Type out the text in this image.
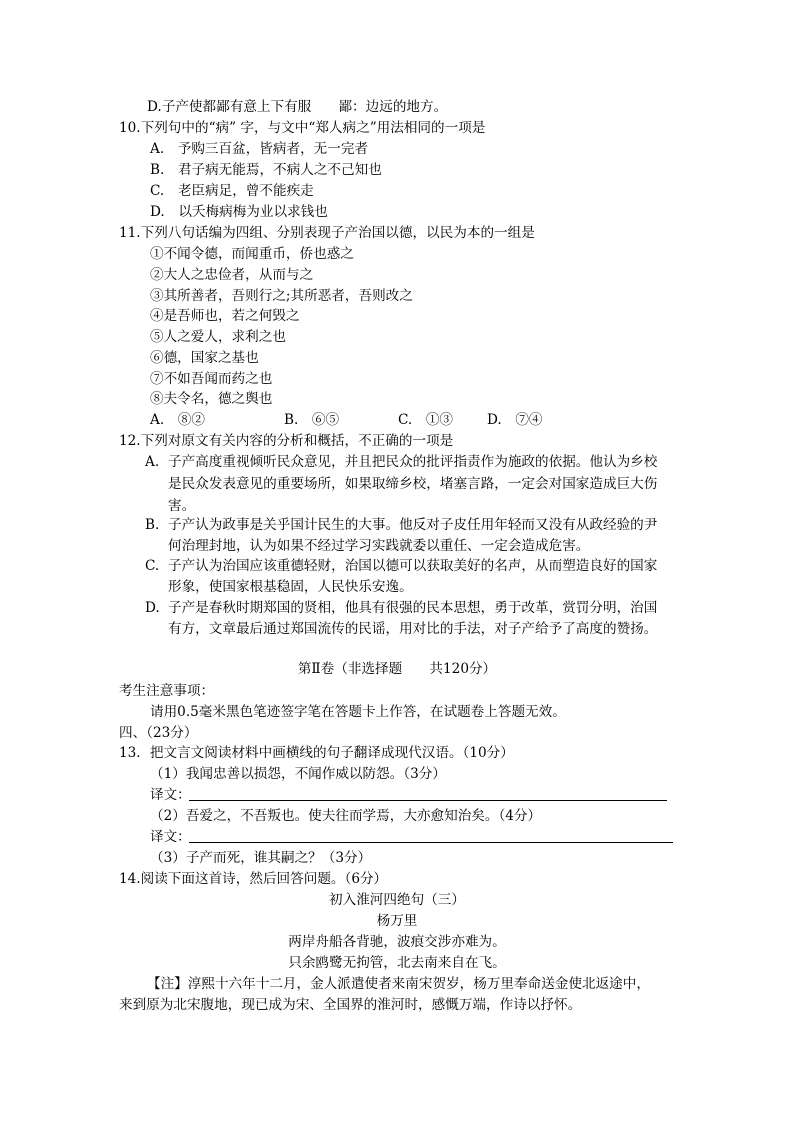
D.子产使都鄙有意上下有服　　鄙：边远的地方。
10.下列句中的“病” 字，与文中“郑人病之”用法相同的一项是
A.　予购三百盆，皆病者，无一完者
B.　君子病无能焉，不病人之不己知也
C.　老臣病足，曾不能疾走
D.　以夭梅病梅为业以求钱也
11.下列八句话编为四组、分别表现子产治国以德，以民为本的一组是
①不闻令德，而闻重币，侨也惑之
②大人之忠俭者，从而与之
③其所善者，吾则行之;其所恶者，吾则改之
④是吾师也，若之何毁之
⑤人之爱人，求利之也
⑥德，国家之基也
⑦不如吾闻而药之也
⑧夫令名，德之舆也
A.　⑧②	B.　⑥⑤	C.　①③ D.　⑦④
12.下列对原文有关内容的分析和概括，不正确的一项是
A. 子产高度重视倾听民众意见，并且把民众的批评指责作为施政的依据。他认为乡校
是民众发表意见的重要场所，如果取缔乡校，堵塞言路，一定会对国家造成巨大伤
害。
B. 子产认为政事是关乎国计民生的大事。他反对子皮任用年轻而又没有从政经验的尹
何治理封地，认为如果不经过学习实践就委以重任、一定会造成危害。
C. 子产认为治国应该重德轻财，治国以德可以获取美好的名声，从而塑造良好的国家
形象，使国家根基稳固，人民快乐安逸。
D. 子产是春秋时期郑国的贤相，他具有很强的民本思想，勇于改革，赏罚分明，治国
有方，文章最后通过郑国流传的民谣，用对比的手法，对子产给予了高度的赞扬。
第Ⅱ卷（非选择题　　共120分）
考生注意事项：
请用0.5毫米黑色笔迹签字笔在答题卡上作答，在试题卷上答题无效。
四、（23分）
13．把文言文阅读材料中画横线的句子翻译成现代汉语。（10分）
（1）我闻忠善以损怨，不闻作威以防怨。（3分）
译文：
（2）吾爱之，不吾叛也。使夫往而学焉，大亦愈知治矣。（4分）
译文：
（3）子产而死，谁其嗣之？（3分）
14.阅读下面这首诗，然后回答问题。（6分）
初入淮河四绝句（三）
杨万里
两岸舟船各背驰，波痕交涉亦难为。
只余鸥鹭无拘管，北去南来自在飞。
【注】淳熙十六年十二月，金人派遣使者来南宋贺岁，杨万里奉命送金使北返途中，
来到原为北宋腹地，现已成为宋、全国界的淮河时，感慨万端，作诗以抒怀。
